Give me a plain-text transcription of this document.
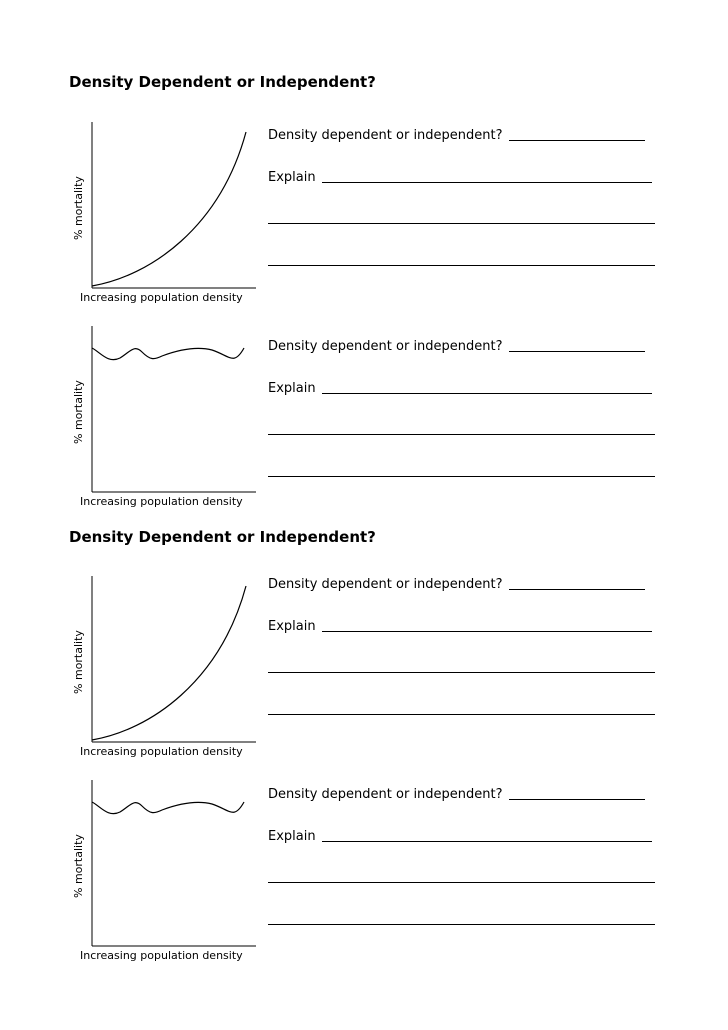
Density Dependent or Independent?
% mortality
Increasing population density
Density dependent or independent?
Explain
% mortality
Increasing population density
Density dependent or independent?
Explain
Density Dependent or Independent?
% mortality
Increasing population density
Density dependent or independent?
Explain
% mortality
Increasing population density
Density dependent or independent?
Explain
